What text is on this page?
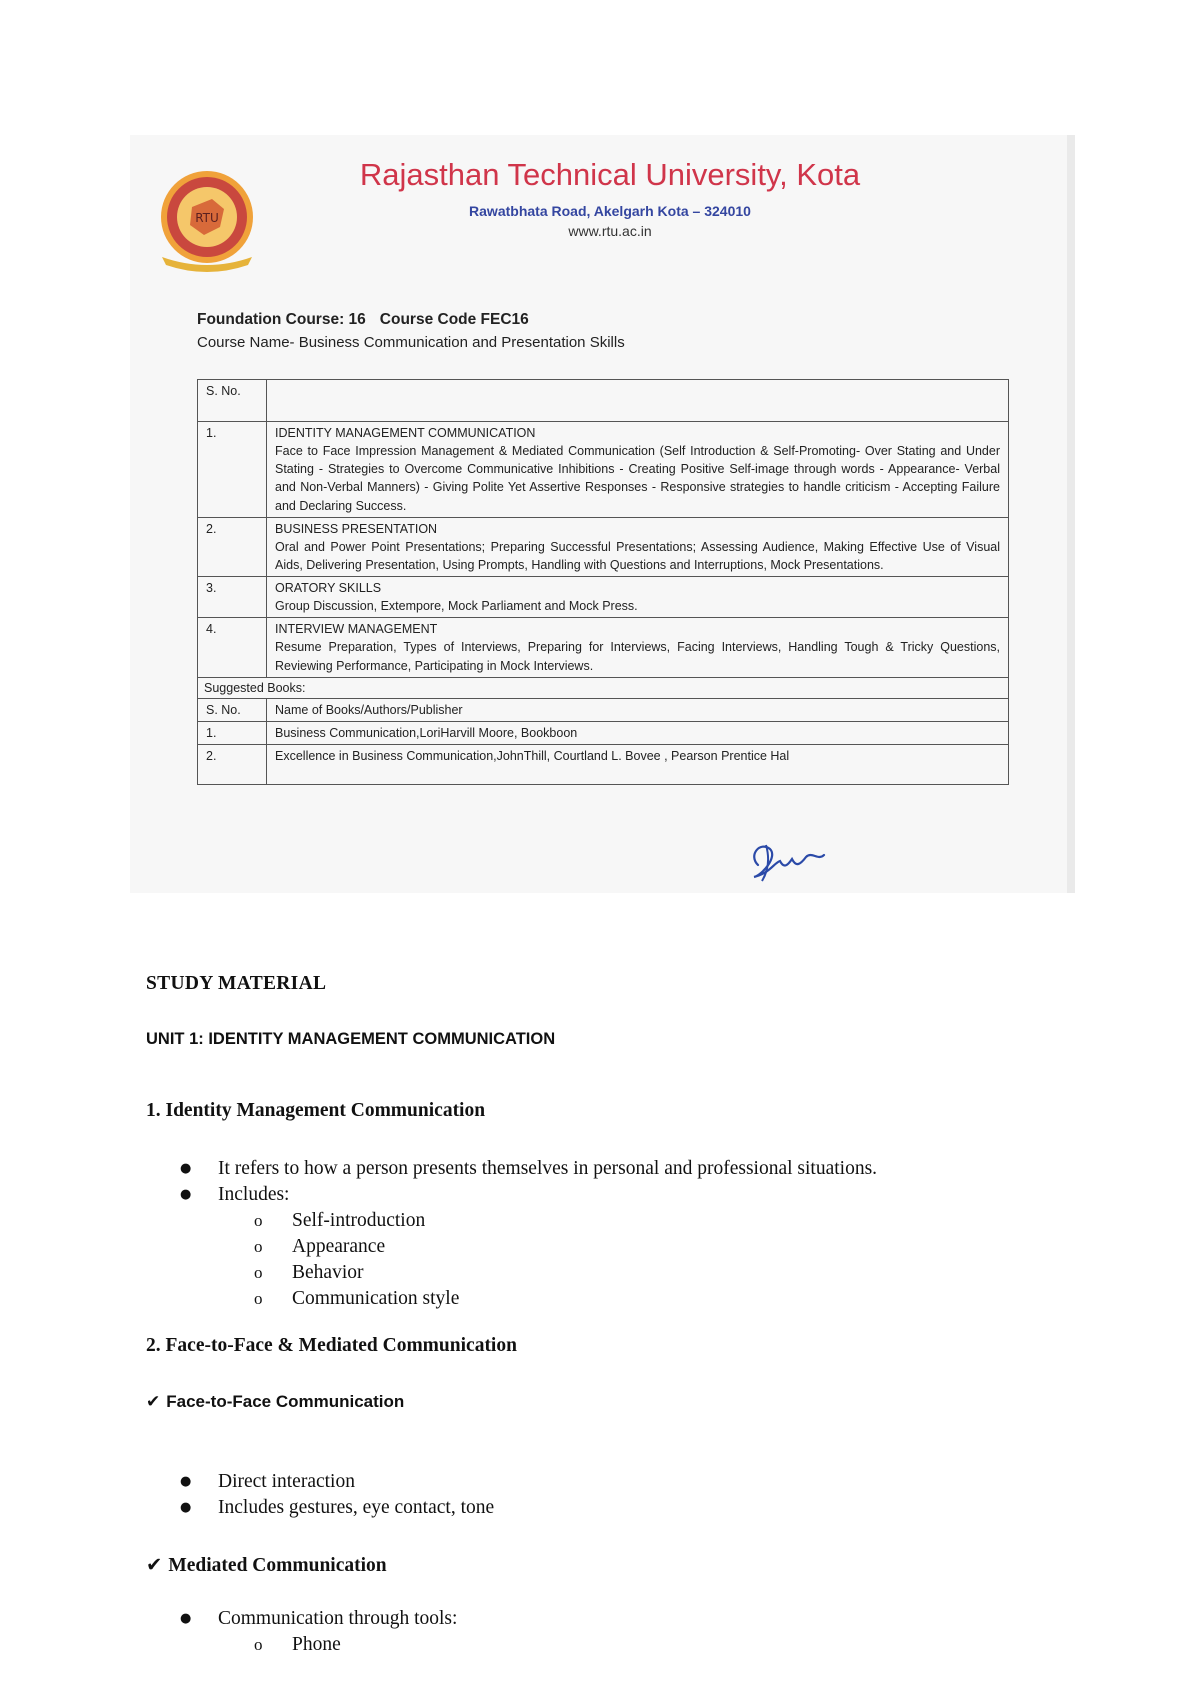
RTU
Rajasthan Technical University, Kota
Rawatbhata Road, Akelgarh Kota – 324010
www.rtu.ac.in
Foundation Course: 16 Course Code FEC16
Course Name- Business Communication and Presentation Skills
S. No.	
1.	IDENTITY MANAGEMENT COMMUNICATION
Face to Face Impression Management & Mediated Communication (Self Introduction & Self-Promoting- Over Stating and Under Stating - Strategies to Overcome Communicative Inhibitions - Creating Positive Self-image through words - Appearance- Verbal and Non-Verbal Manners) - Giving Polite Yet Assertive Responses - Responsive strategies to handle criticism - Accepting Failure and Declaring Success.

2.	BUSINESS PRESENTATION
Oral and Power Point Presentations; Preparing Successful Presentations; Assessing Audience, Making Effective Use of Visual Aids, Delivering Presentation, Using Prompts, Handling with Questions and Interruptions, Mock Presentations.

3.	ORATORY SKILLS
Group Discussion, Extempore, Mock Parliament and Mock Press.

4.	INTERVIEW MANAGEMENT
Resume Preparation, Types of Interviews, Preparing for Interviews, Facing Interviews, Handling Tough & Tricky Questions, Reviewing Performance, Participating in Mock Interviews.

Suggested Books:	
S. No.	Name of Books/Authors/Publisher
1.	Business Communication,LoriHarvill Moore, Bookboon
2.	Excellence in Business Communication,JohnThill, Courtland L. Bovee , Pearson Prentice Hal
STUDY MATERIAL
UNIT 1: IDENTITY MANAGEMENT COMMUNICATION
1. Identity Management Communication
● It refers to how a person presents themselves in personal and professional situations.
● Includes:
o Self-introduction
o Appearance
o Behavior
o Communication style
2. Face-to-Face & Mediated Communication
✔ Face-to-Face Communication
● Direct interaction
● Includes gestures, eye contact, tone
✔ Mediated Communication
● Communication through tools:
o Phone
